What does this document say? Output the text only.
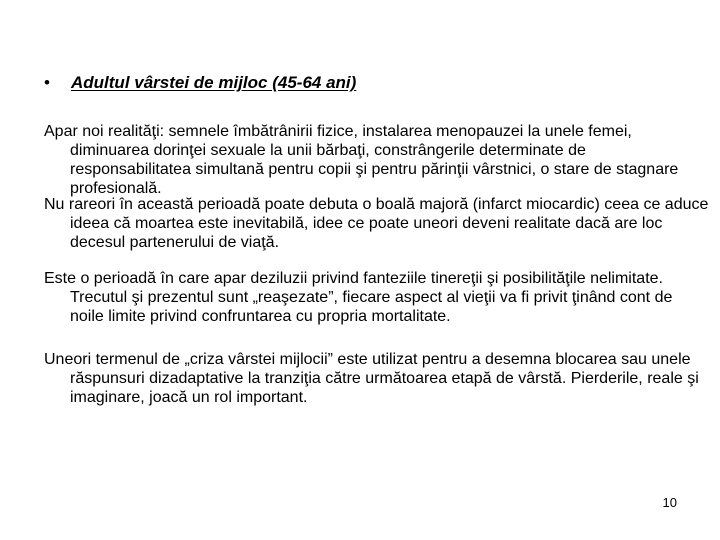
•	Adultul vârstei de mijloc (45-64 ani)

Apar noi realităţi: semnele îmbătrânirii fizice, instalarea menopauzei la unele femei, diminuarea dorinţei sexuale la unii bărbaţi, constrângerile determinate de responsabilitatea simultană pentru copii şi pentru părinţii vârstnici, o stare de stagnare profesională.

Nu rareori în această perioadă poate debuta o boală majoră (infarct miocardic) ceea ce aduce ideea că moartea este inevitabilă, idee ce poate uneori deveni realitate dacă are loc decesul partenerului de viaţă.

Este o perioadă în care apar deziluzii privind fanteziile tinereţii şi posibilităţile nelimitate. Trecutul şi prezentul sunt „reaşezate”, fiecare aspect al vieţii va fi privit ţinând cont de noile limite privind confruntarea cu propria mortalitate.

Uneori termenul de „criza vârstei mijlocii” este utilizat pentru a desemna blocarea sau unele răspunsuri dizadaptative la tranziţia către următoarea etapă de vârstă. Pierderile, reale şi imaginare, joacă un rol important.

10
